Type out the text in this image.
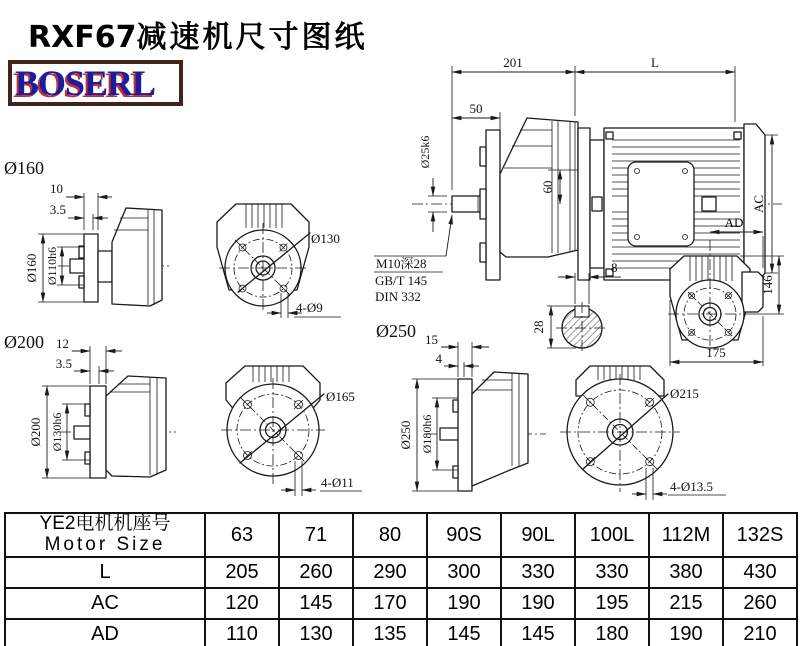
RXF67减速机尺寸图纸
BOSERL
201	L
50
Ø25k6
60
AC
M10深28
GB/T 145
DIN 332
8
28
AD
146
175
Ø160
10
3.5
Ø160 Ø110h6
Ø130
4-Ø9
Ø200 12
3.5
Ø200 Ø130h6
Ø165
4-Ø11
Ø250 15
4
Ø250 Ø180h6
Ø215
4-Ø13.5
YE2电机机座号
Motor Size	63	71	80	90S	90L	100L	112M	132S
L	205	260	290	300	330	330	380	430
AC	120	145	170	190	190	195	215	260
AD	110	130	135	145	145	180	190	210
